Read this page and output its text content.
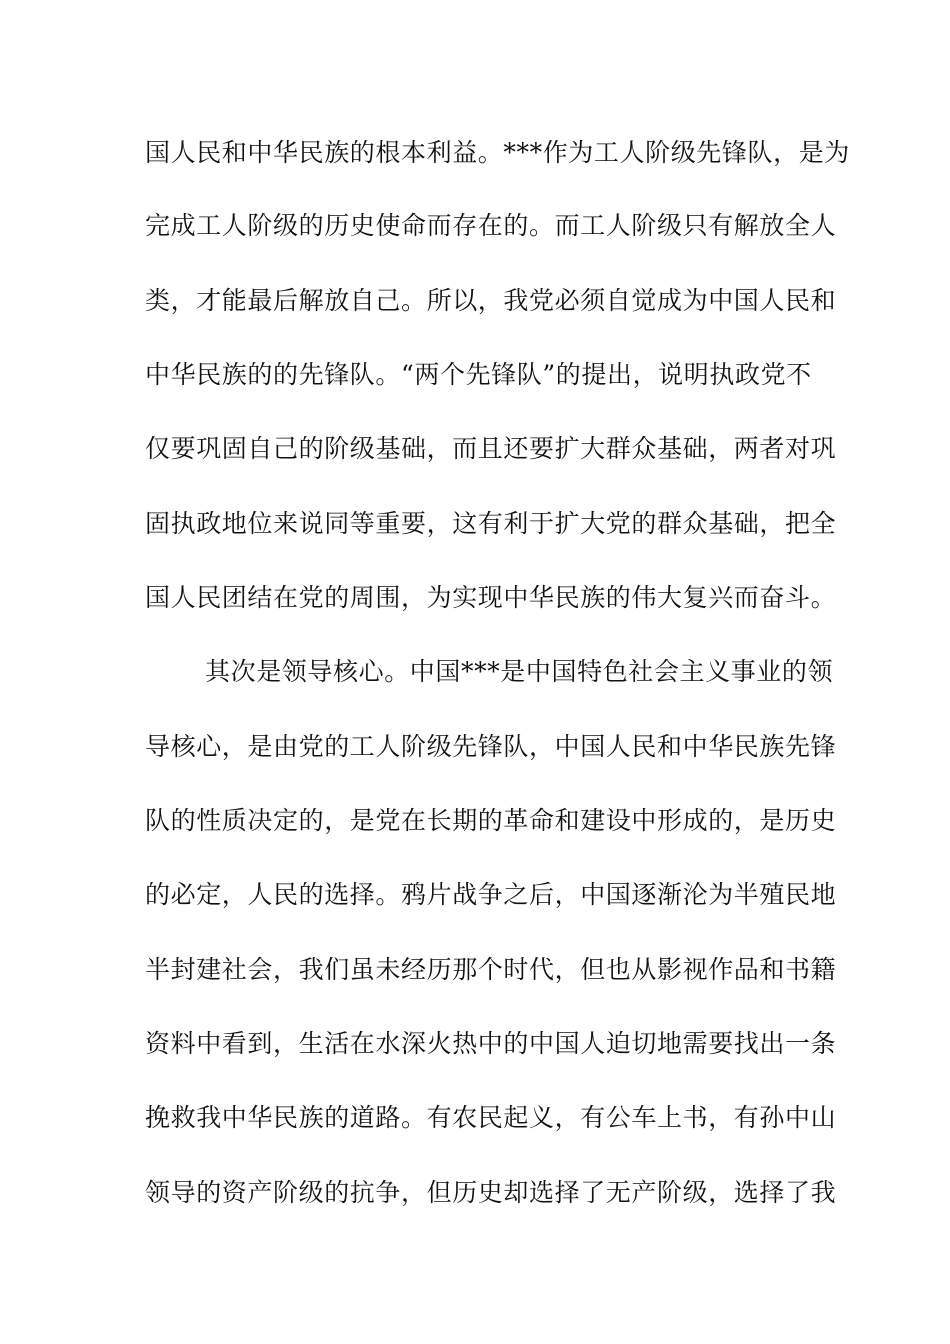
国人民和中华民族的根本利益。***作为工人阶级先锋队，是为
完成工人阶级的历史使命而存在的。而工人阶级只有解放全人
类，才能最后解放自己。所以，我党必须自觉成为中国人民和
中华民族的的先锋队。“两个先锋队”的提出，说明执政党不
仅要巩固自己的阶级基础，而且还要扩大群众基础，两者对巩
固执政地位来说同等重要，这有利于扩大党的群众基础，把全
国人民团结在党的周围，为实现中华民族的伟大复兴而奋斗。
其次是领导核心。中国***是中国特色社会主义事业的领
导核心，是由党的工人阶级先锋队，中国人民和中华民族先锋
队的性质决定的，是党在长期的革命和建设中形成的，是历史
的必定，人民的选择。鸦片战争之后，中国逐渐沦为半殖民地
半封建社会，我们虽未经历那个时代，但也从影视作品和书籍
资料中看到，生活在水深火热中的中国人迫切地需要找出一条
挽救我中华民族的道路。有农民起义，有公车上书，有孙中山
领导的资产阶级的抗争，但历史却选择了无产阶级，选择了我
